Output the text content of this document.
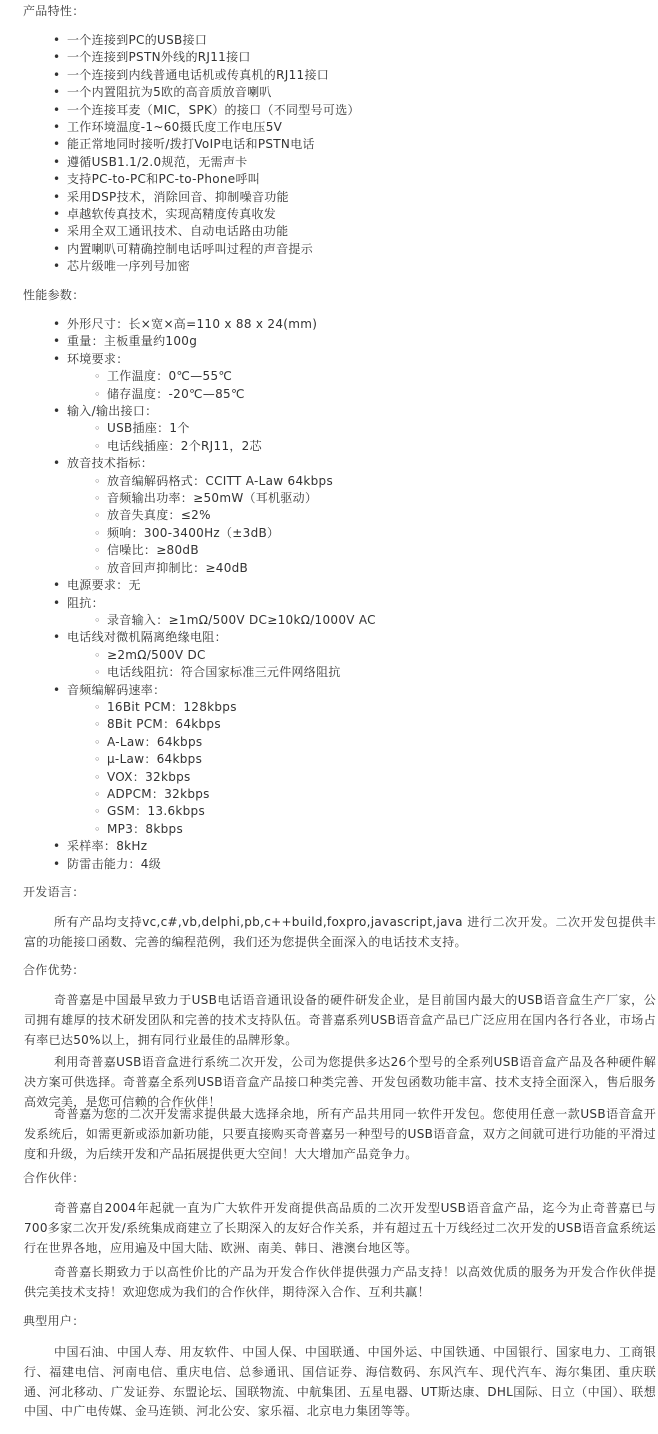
产品特性：
• 一个连接到PC的USB接口
• 一个连接到PSTN外线的RJ11接口
• 一个连接到内线普通电话机或传真机的RJ11接口
• 一个内置阻抗为5欧的高音质放音喇叭
• 一个连接耳麦（MIC，SPK）的接口（不同型号可选）
• 工作环境温度-1~60摄氏度工作电压5V
• 能正常地同时接听/拨打VoIP电话和PSTN电话
• 遵循USB1.1/2.0规范，无需声卡
• 支持PC-to-PC和PC-to-Phone呼叫
• 采用DSP技术，消除回音、抑制噪音功能
• 卓越软传真技术，实现高精度传真收发
• 采用全双工通讯技术、自动电话路由功能
• 内置喇叭可精确控制电话呼叫过程的声音提示
• 芯片级唯一序列号加密
性能参数：
• 外形尺寸：长×宽×高=110 x 88 x 24(mm)
• 重量：主板重量约100g
• 环境要求：
◦ 工作温度：0℃—55℃
◦ 储存温度：-20℃—85℃
• 输入/输出接口：
◦ USB插座：1个
◦ 电话线插座：2个RJ11，2芯
• 放音技术指标：
◦ 放音编解码格式：CCITT A-Law 64kbps
◦ 音频输出功率：≥50mW（耳机驱动）
◦ 放音失真度：≤2%
◦ 频响：300-3400Hz（±3dB）
◦ 信噪比：≥80dB
◦ 放音回声抑制比：≥40dB
• 电源要求：无
• 阻抗：
◦ 录音输入：≥1mΩ/500V DC≥10kΩ/1000V AC
• 电话线对微机隔离绝缘电阻：
◦ ≥2mΩ/500V DC
◦ 电话线阻抗：符合国家标准三元件网络阻抗
• 音频编解码速率：
◦ 16Bit PCM：128kbps
◦ 8Bit PCM：64kbps
◦ A-Law：64kbps
◦ μ-Law：64kbps
◦ VOX：32kbps
◦ ADPCM：32kbps
◦ GSM：13.6kbps
◦ MP3：8kbps
• 采样率：8kHz
• 防雷击能力：4级
开发语言：

所有产品均支持vc,c#,vb,delphi,pb,c++build,foxpro,javascript,java 进行二次开发。二次开发包提供丰富的功能接口函数、完善的编程范例，我们还为您提供全面深入的电话技术支持。

合作优势：

奇普嘉是中国最早致力于USB电话语音通讯设备的硬件研发企业，是目前国内最大的USB语音盒生产厂家，公司拥有雄厚的技术研发团队和完善的技术支持队伍。奇普嘉系列USB语音盒产品已广泛应用在国内各行各业，市场占有率已达50%以上，拥有同行业最佳的品牌形象。

利用奇普嘉USB语音盒进行系统二次开发，公司为您提供多达26个型号的全系列USB语音盒产品及各种硬件解决方案可供选择。奇普嘉全系列USB语音盒产品接口种类完善、开发包函数功能丰富、技术支持全面深入，售后服务高效完美，是您可信赖的合作伙伴！

奇普嘉为您的二次开发需求提供最大选择余地，所有产品共用同一软件开发包。您使用任意一款USB语音盒开发系统后，如需更新或添加新功能，只要直接购买奇普嘉另一种型号的USB语音盒，双方之间就可进行功能的平滑过度和升级，为后续开发和产品拓展提供更大空间！大大增加产品竞争力。

合作伙伴：

奇普嘉自2004年起就一直为广大软件开发商提供高品质的二次开发型USB语音盒产品，迄今为止奇普嘉已与700多家二次开发/系统集成商建立了长期深入的友好合作关系，并有超过五十万线经过二次开发的USB语音盒系统运行在世界各地，应用遍及中国大陆、欧洲、南美、韩日、港澳台地区等。

奇普嘉长期致力于以高性价比的产品为开发合作伙伴提供强力产品支持！以高效优质的服务为开发合作伙伴提供完美技术支持！欢迎您成为我们的合作伙伴，期待深入合作、互利共赢！

典型用户：

中国石油、中国人寿、用友软件、中国人保、中国联通、中国外运、中国铁通、中国银行、国家电力、工商银行、福建电信、河南电信、重庆电信、总参通讯、国信证券、海信数码、东风汽车、现代汽车、海尔集团、重庆联通、河北移动、广发证券、东盟论坛、国联物流、中航集团、五星电器、UT斯达康、DHL国际、日立（中国）、联想中国、中广电传媒、金马连锁、河北公安、家乐福、北京电力集团等等。
